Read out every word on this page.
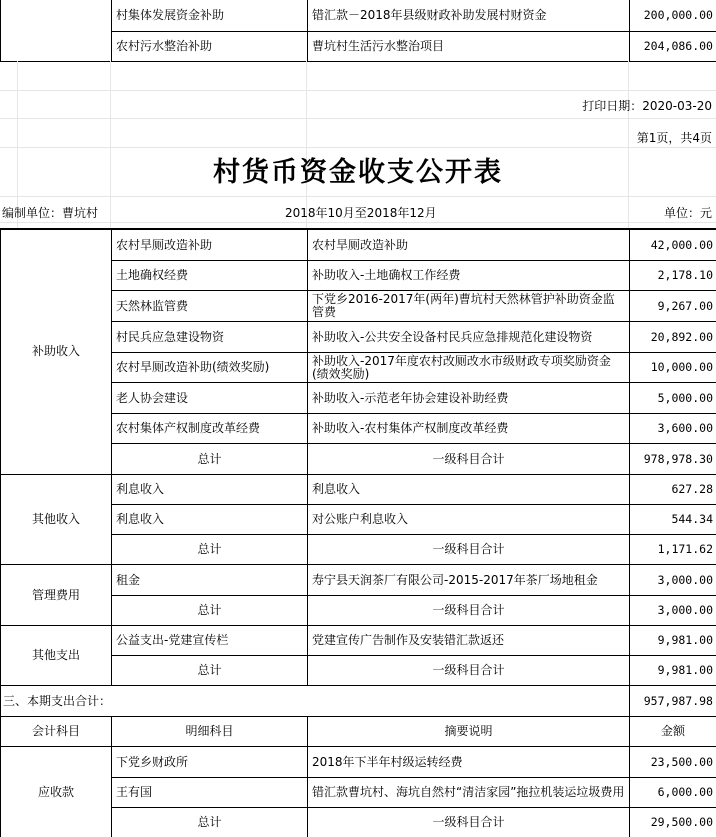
	村集体发展资金补助	错汇款－2018年县级财政补助发展村财资金	200,000.00
	农村污水整治补助	曹坑村生活污水整治项目	204,086.00
打印日期：2020-03-20
第1页，共4页
村货币资金收支公开表
编制单位：曹坑村	2018年10月至2018年12月	单位：元
补助收入	农村旱厕改造补助	农村旱厕改造补助	42,000.00
	土地确权经费	补助收入-土地确权工作经费	2,178.10
	天然林监管费	下党乡2016-2017年(两年)曹坑村天然林管护补助资金监管费	9,267.00
	村民兵应急建设物资	补助收入-公共安全设备村民兵应急排规范化建设物资	20,892.00
	农村旱厕改造补助(绩效奖励)	补助收入-2017年度农村改厕改水市级财政专项奖励资金(绩效奖励)	10,000.00
	老人协会建设	补助收入-示范老年协会建设补助经费	5,000.00
	农村集体产权制度改革经费	补助收入-农村集体产权制度改革经费	3,600.00
	总计	一级科目合计	978,978.30
其他收入	利息收入	利息收入	627.28
	利息收入	对公账户利息收入	544.34
	总计	一级科目合计	1,171.62
管理费用	租金	寿宁县天润茶厂有限公司-2015-2017年茶厂场地租金	3,000.00
	总计	一级科目合计	3,000.00
其他支出	公益支出-党建宣传栏	党建宣传广告制作及安装错汇款返还	9,981.00
	总计	一级科目合计	9,981.00
三、本期支出合计：			957,987.98
会计科目	明细科目	摘要说明	金额
应收款	下党乡财政所	2018年下半年村级运转经费	23,500.00
	王有国	错汇款曹坑村、海坑自然村“清洁家园”拖拉机装运垃圾费用	6,000.00
	总计	一级科目合计	29,500.00
